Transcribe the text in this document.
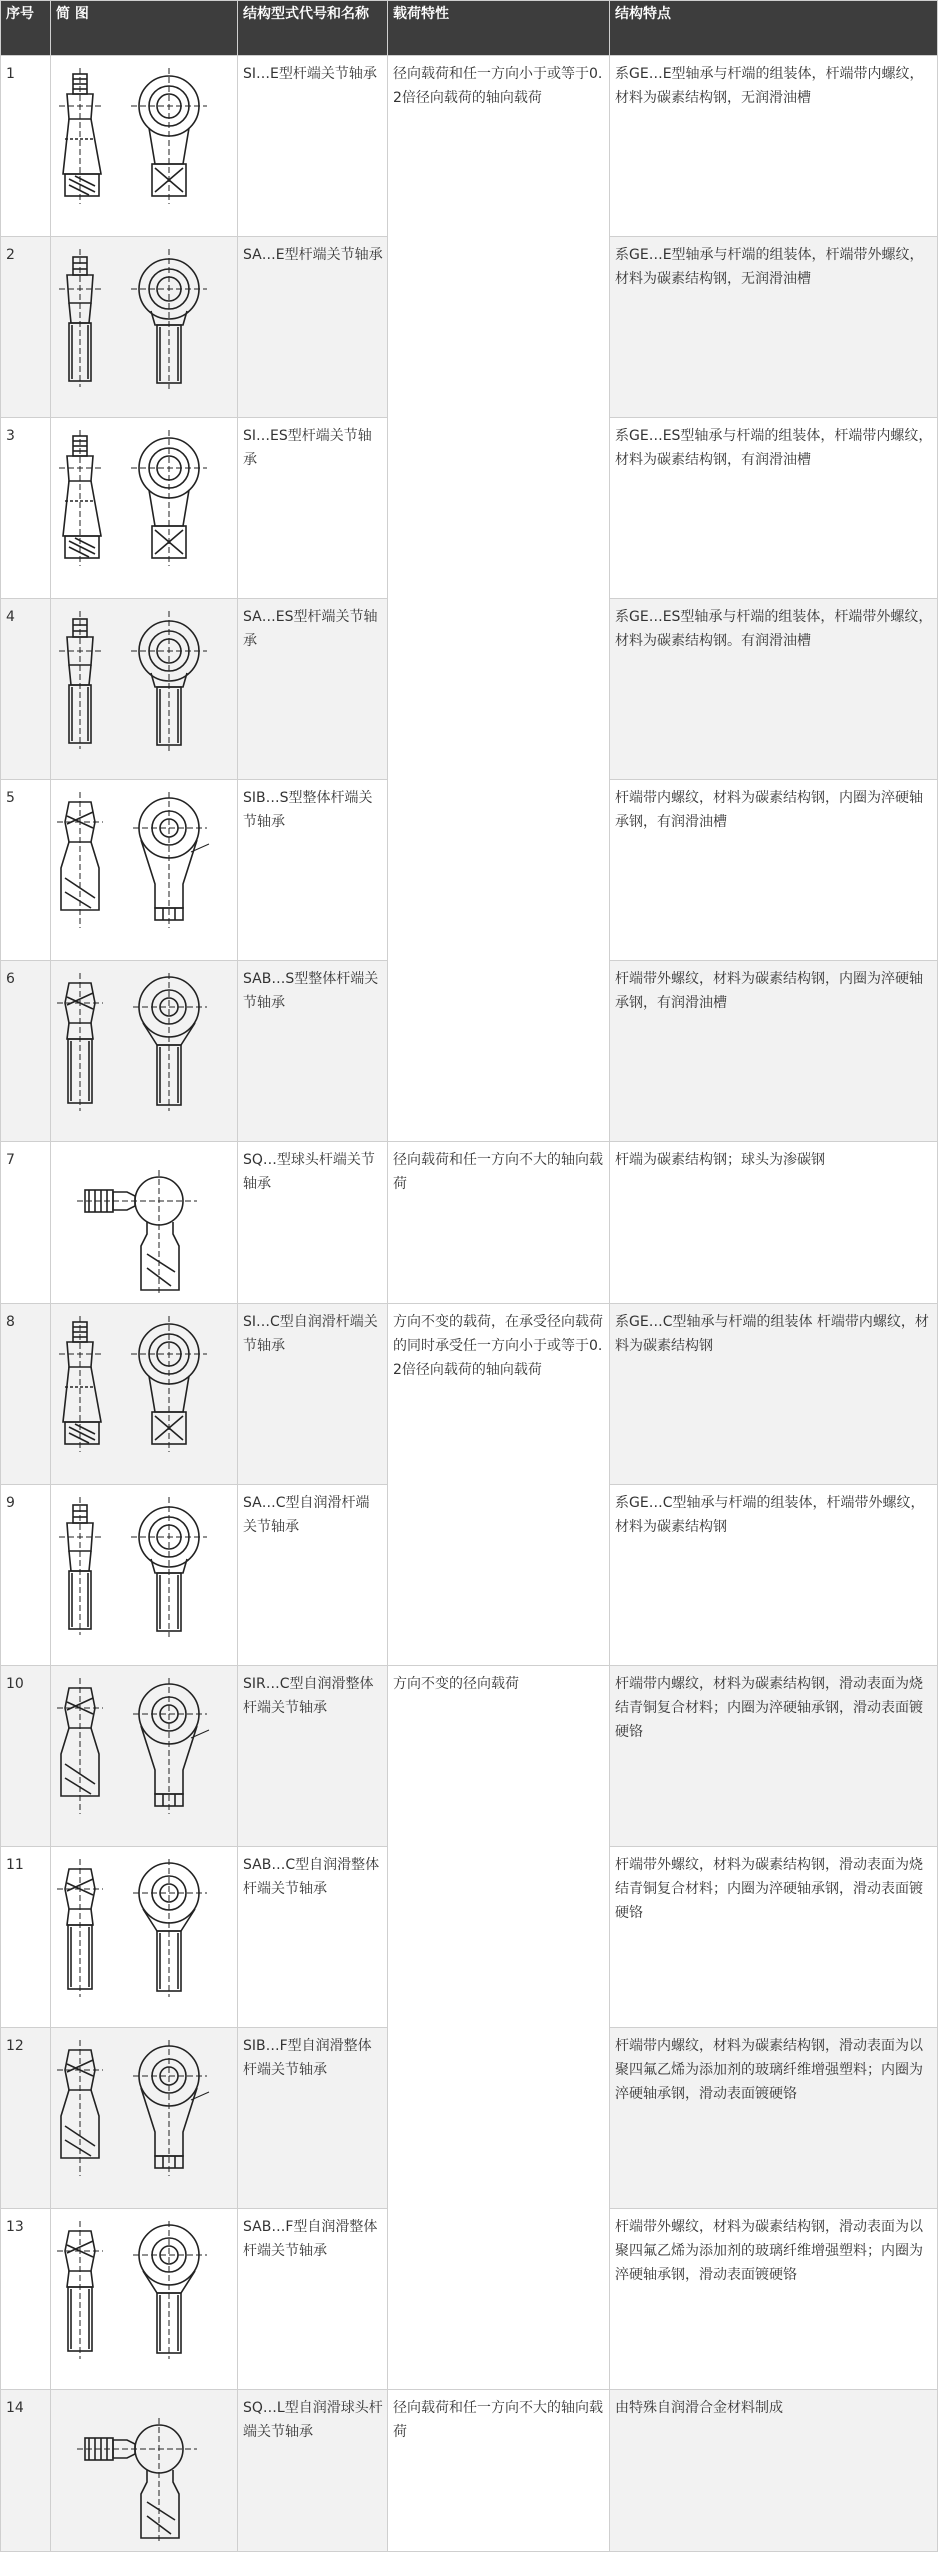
序号	简 图	结构型式代号和名称	载荷特性	结构特点
1		SI…E型杆端关节轴承	径向载荷和任一方向小于或等于0.2倍径向载荷的轴向载荷	系GE…E型轴承与杆端的组装体，杆端带内螺纹，材料为碳素结构钢，无润滑油槽
2		SA…E型杆端关节轴承		系GE…E型轴承与杆端的组装体，杆端带外螺纹，材料为碳素结构钢，无润滑油槽
3		SI…ES型杆端关节轴承		系GE…ES型轴承与杆端的组装体，杆端带内螺纹，材料为碳素结构钢，有润滑油槽
4		SA…ES型杆端关节轴承		系GE…ES型轴承与杆端的组装体，杆端带外螺纹，材料为碳素结构钢。有润滑油槽
5		SIB…S型整体杆端关节轴承		杆端带内螺纹，材料为碳素结构钢，内圈为淬硬轴承钢，有润滑油槽
6		SAB…S型整体杆端关节轴承		杆端带外螺纹，材料为碳素结构钢，内圈为淬硬轴承钢，有润滑油槽
7		SQ…型球头杆端关节轴承	径向载荷和任一方向不大的轴向载荷	杆端为碳素结构钢；球头为渗碳钢
8		SI…C型自润滑杆端关节轴承	方向不变的载荷，在承受径向载荷的同时承受任一方向小于或等于0.2倍径向载荷的轴向载荷	系GE…C型轴承与杆端的组装体 杆端带内螺纹，材料为碳素结构钢
9		SA…C型自润滑杆端关节轴承		系GE…C型轴承与杆端的组装体，杆端带外螺纹，材料为碳素结构钢
10		SIR…C型自润滑整体杆端关节轴承	方向不变的径向载荷	杆端带内螺纹，材料为碳素结构钢，滑动表面为烧结青铜复合材料；内圈为淬硬轴承钢，滑动表面镀硬铬
11		SAB…C型自润滑整体杆端关节轴承		杆端带外螺纹，材料为碳素结构钢，滑动表面为烧结青铜复合材料；内圈为淬硬轴承钢，滑动表面镀硬铬
12		SIB…F型自润滑整体杆端关节轴承		杆端带内螺纹，材料为碳素结构钢，滑动表面为以聚四氟乙烯为添加剂的玻璃纤维增强塑料；内圈为淬硬轴承钢，滑动表面镀硬铬
13		SAB…F型自润滑整体杆端关节轴承		杆端带外螺纹，材料为碳素结构钢，滑动表面为以聚四氟乙烯为添加剂的玻璃纤维增强塑料；内圈为淬硬轴承钢，滑动表面镀硬铬
14		SQ…L型自润滑球头杆端关节轴承	径向载荷和任一方向不大的轴向载荷	由特殊自润滑合金材料制成
